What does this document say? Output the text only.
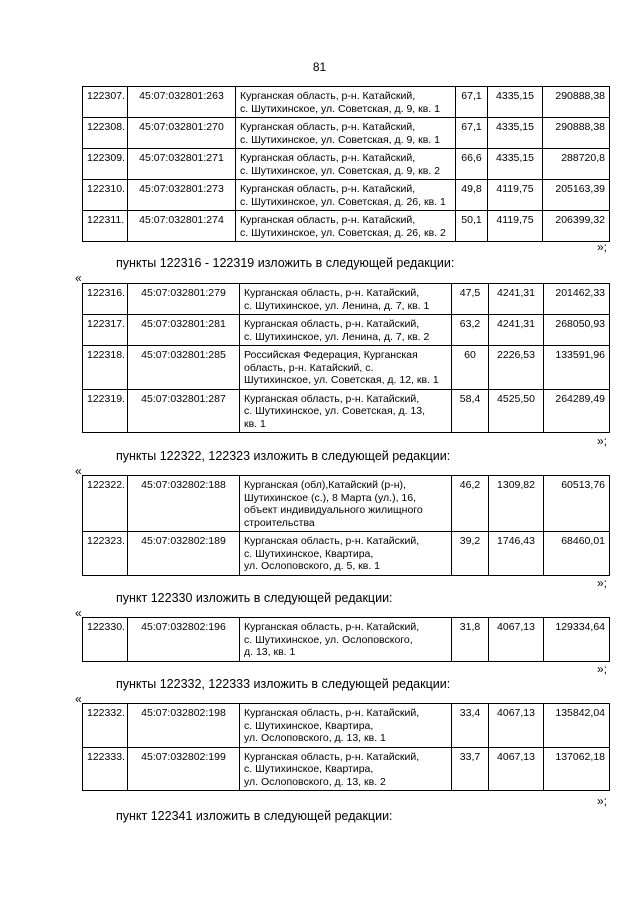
81
122307.	45:07:032801:263	Курганская область, р-н. Катайский,
с. Шутихинское, ул. Советская, д. 9, кв. 1	67,1	4335,15	290888,38
122308.	45:07:032801:270	Курганская область, р-н. Катайский,
с. Шутихинское, ул. Советская, д. 9, кв. 1	67,1	4335,15	290888,38
122309.	45:07:032801:271	Курганская область, р-н. Катайский,
с. Шутихинское, ул. Советская, д. 9, кв. 2	66,6	4335,15	288720,8
122310.	45:07:032801:273	Курганская область, р-н. Катайский,
с. Шутихинское, ул. Советская, д. 26, кв. 1	49,8	4119,75	205163,39
122311.	45:07:032801:274	Курганская область, р-н. Катайский,
с. Шутихинское, ул. Советская, д. 26, кв. 2	50,1	4119,75	206399,32
»;
пункты 122316 - 122319 изложить в следующей редакции:
«
122316.	45:07:032801:279	Курганская область, р-н. Катайский,
с. Шутихинское, ул. Ленина, д. 7, кв. 1	47,5	4241,31	201462,33
122317.	45:07:032801:281	Курганская область, р-н. Катайский,
с. Шутихинское, ул. Ленина, д. 7, кв. 2	63,2	4241,31	268050,93
122318.	45:07:032801:285	Российская Федерация, Курганская
область, р-н. Катайский, с.
Шутихинское, ул. Советская, д. 12, кв. 1	60	2226,53	133591,96
122319.	45:07:032801:287	Курганская область, р-н. Катайский,
с. Шутихинское, ул. Советская, д. 13,
кв. 1	58,4	4525,50	264289,49
»;
пункты 122322, 122323 изложить в следующей редакции:
«
122322.	45:07:032802:188	Курганская (обл),Катайский (р-н),
Шутихинское (с.), 8 Марта (ул.), 16,
объект индивидуального жилищного
строительства	46,2	1309,82	60513,76
122323.	45:07:032802:189	Курганская область, р-н. Катайский,
с. Шутихинское, Квартира,
ул. Ослоповского, д. 5, кв. 1	39,2	1746,43	68460,01
»;
пункт 122330 изложить в следующей редакции:
«
122330.	45:07:032802:196	Курганская область, р-н. Катайский,
с. Шутихинское, ул. Ослоповского,
д. 13, кв. 1	31,8	4067,13	129334,64
»;
пункты 122332, 122333 изложить в следующей редакции:
«
122332.	45:07:032802:198	Курганская область, р-н. Катайский,
с. Шутихинское, Квартира,
ул. Ослоповского, д. 13, кв. 1	33,4	4067,13	135842,04
122333.	45:07:032802:199	Курганская область, р-н. Катайский,
с. Шутихинское, Квартира,
ул. Ослоповского, д. 13, кв. 2	33,7	4067,13	137062,18
»;
пункт 122341 изложить в следующей редакции:
